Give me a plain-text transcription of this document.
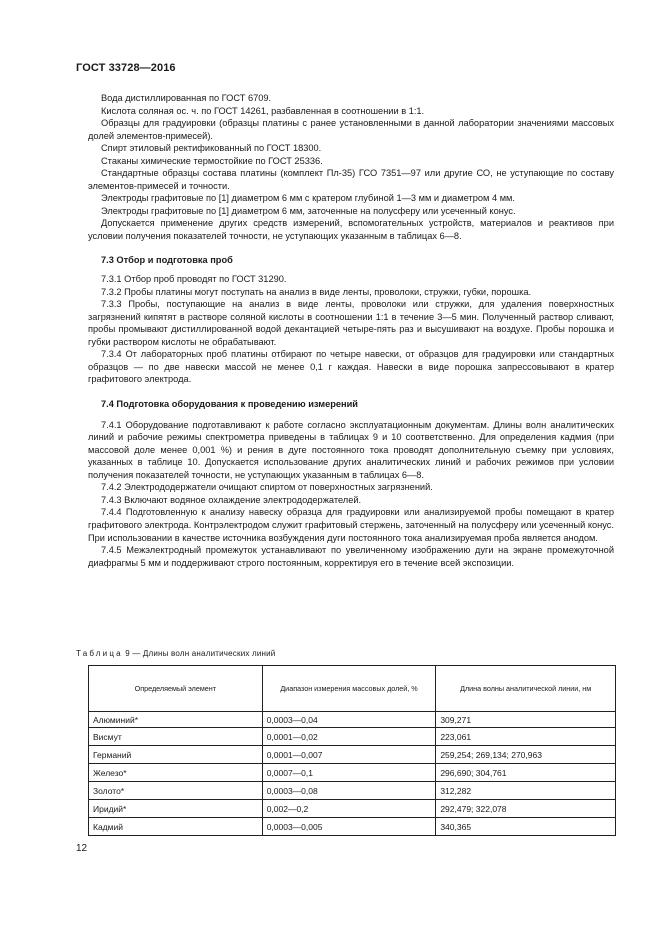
ГОСТ 33728—2016

Вода дистиллированная по ГОСТ 6709.

Кислота соляная ос. ч. по ГОСТ 14261, разбавленная в соотношении в 1:1.

Образцы для градуировки (образцы платины с ранее установленными в данной лаборатории значениями массовых долей элементов-примесей).

Спирт этиловый ректификованный по ГОСТ 18300.

Стаканы химические термостойкие по ГОСТ 25336.

Стандартные образцы состава платины (комплект Пл-35) ГСО 7351—97 или другие СО, не уступающие по составу элементов-примесей и точности.

Электроды графитовые по [1] диаметром 6 мм с кратером глубиной 1—3 мм и диаметром 4 мм.

Электроды графитовые по [1] диаметром 6 мм, заточенные на полусферу или усеченный конус.

Допускается применение других средств измерений, вспомогательных устройств, материалов и реактивов при условии получения показателей точности, не уступающих указанным в таблицах 6—8.

7.3 Отбор и подготовка проб

7.3.1 Отбор проб проводят по ГОСТ 31290.

7.3.2 Пробы платины могут поступать на анализ в виде ленты, проволоки, стружки, губки, порошка.

7.3.3 Пробы, поступающие на анализ в виде ленты, проволоки или стружки, для удаления поверхностных загрязнений кипятят в растворе соляной кислоты в соотношении 1:1 в течение 3—5 мин. Полученный раствор сливают, пробы промывают дистиллированной водой декантацией четыре-пять раз и высушивают на воздухе. Пробы порошка и губки раствором кислоты не обрабатывают.

7.3.4 От лабораторных проб платины отбирают по четыре навески, от образцов для градуировки или стандартных образцов — по две навески массой не менее 0,1 г каждая. Навески в виде порошка запрессовывают в кратер графитового электрода.

7.4 Подготовка оборудования к проведению измерений

7.4.1 Оборудование подготавливают к работе согласно эксплуатационным документам. Длины волн аналитических линий и рабочие режимы спектрометра приведены в таблицах 9 и 10 соответственно. Для определения кадмия (при массовой доле менее 0,001 %) и рения в дуге постоянного тока проводят дополнительную съемку при условиях, указанных в таблице 10. Допускается использование других аналитических линий и рабочих режимов при условии получения показателей точности, не уступающих указанным в таблицах 6—8.

7.4.2 Электрододержатели очищают спиртом от поверхностных загрязнений.

7.4.3 Включают водяное охлаждение электрододержателей.

7.4.4 Подготовленную к анализу навеску образца для градуировки или анализируемой пробы помещают в кратер графитового электрода. Контрэлектродом служит графитовый стержень, заточенный на полусферу или усеченный конус. При использовании в качестве источника возбуждения дуги постоянного тока анализируемая проба является анодом.

7.4.5 Межэлектродный промежуток устанавливают по увеличенному изображению дуги на экране промежуточной диафрагмы 5 мм и поддерживают строго постоянным, корректируя его в течение всей экспозиции.

Таблица 9 — Длины волн аналитических линий
Определяемый элемент	Диапазон измерения массовых долей, %	Длина волны аналитической линии, нм
Алюминий*	0,0003—0,04	309,271
Висмут	0,0001—0,02	223,061
Германий	0,0001—0,007	259,254; 269,134; 270,963
Железо*	0,0007—0,1	296,690; 304,761
Золото*	0,0003—0,08	312,282
Иридий*	0,002—0,2	292,479; 322,078
Кадмий	0,0003—0,005	340,365
12
